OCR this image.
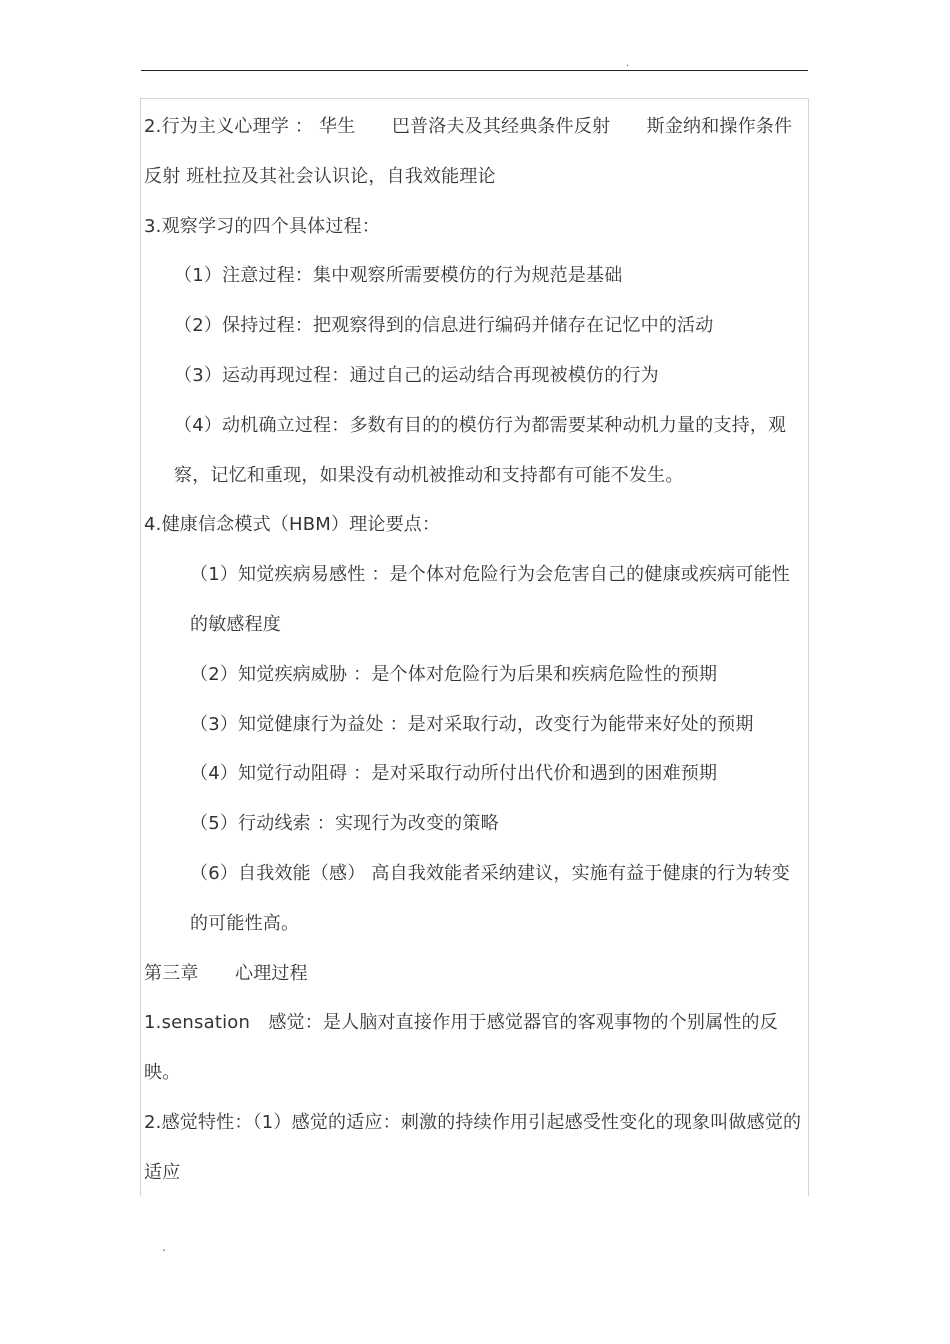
.

2.行为主义心理学 ： 华生　　巴普洛夫及其经典条件反射　　斯金纳和操作条件反射 班杜拉及其社会认识论，自我效能理论

3.观察学习的四个具体过程：

（1）注意过程：集中观察所需要模仿的行为规范是基础

（2）保持过程：把观察得到的信息进行编码并储存在记忆中的活动

（3）运动再现过程：通过自己的运动结合再现被模仿的行为

（4）动机确立过程：多数有目的的模仿行为都需要某种动机力量的支持，观察，记忆和重现，如果没有动机被推动和支持都有可能不发生。

4.健康信念模式（HBM）理论要点：

（1）知觉疾病易感性 ：是个体对危险行为会危害自己的健康或疾病可能性的敏感程度

（2）知觉疾病威胁 ：是个体对危险行为后果和疾病危险性的预期

（3）知觉健康行为益处 ：是对采取行动，改变行为能带来好处的预期

（4）知觉行动阻碍 ：是对采取行动所付出代价和遇到的困难预期

（5）行动线索 ：实现行为改变的策略

（6）自我效能（感） 高自我效能者采纳建议，实施有益于健康的行为转变的可能性高。

第三章　　心理过程

1.sensation　感觉：是人脑对直接作用于感觉器官的客观事物的个别属性的反映。

2.感觉特性：（1）感觉的适应：刺激的持续作用引起感受性变化的现象叫做感觉的适应

.
